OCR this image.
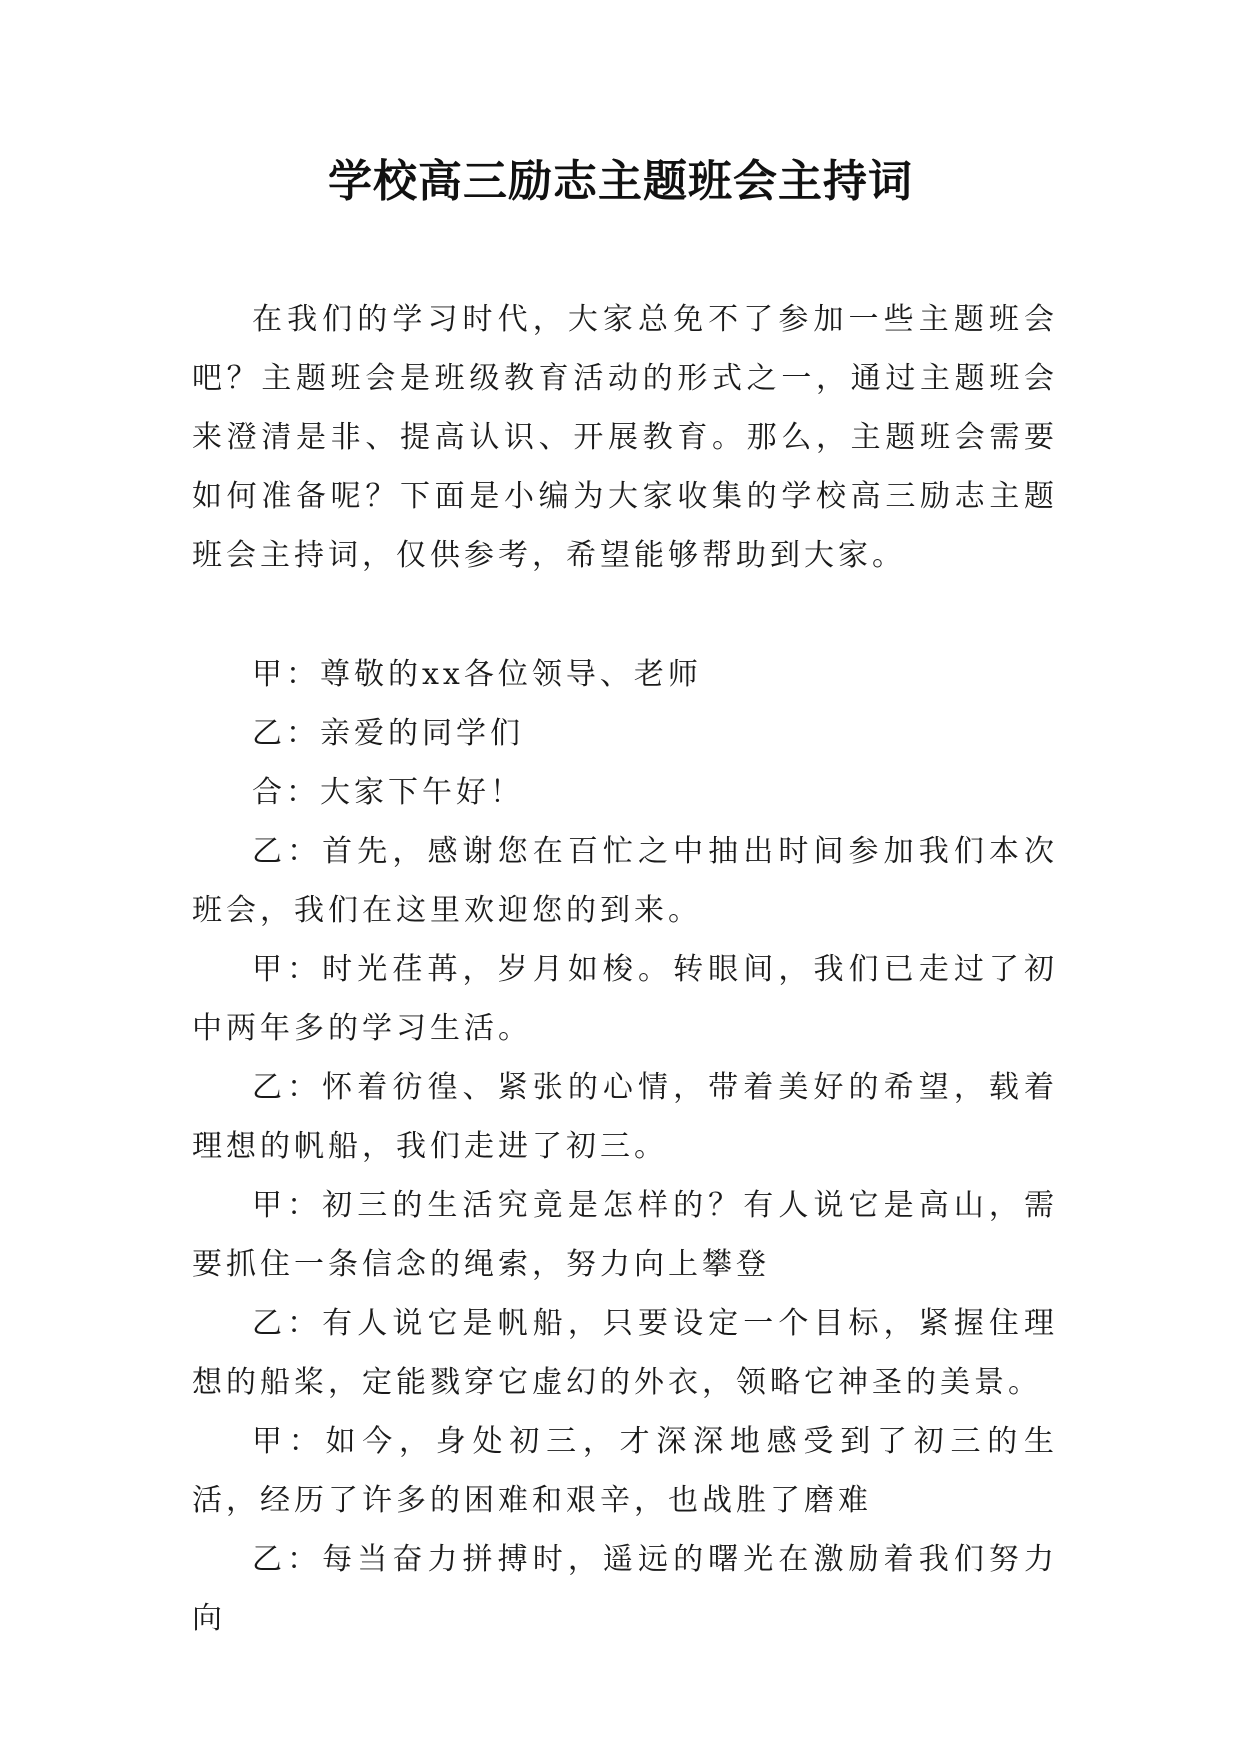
学校高三励志主题班会主持词

在我们的学习时代，大家总免不了参加一些主题班会吧？主题班会是班级教育活动的形式之一，通过主题班会来澄清是非、提高认识、开展教育。那么，主题班会需要如何准备呢？下面是小编为大家收集的学校高三励志主题班会主持词，仅供参考，希望能够帮助到大家。

甲：尊敬的xx各位领导、老师

乙：亲爱的同学们

合：大家下午好！

乙：首先，感谢您在百忙之中抽出时间参加我们本次班会，我们在这里欢迎您的到来。

甲：时光荏苒，岁月如梭。转眼间，我们已走过了初中两年多的学习生活。

乙：怀着彷徨、紧张的心情，带着美好的希望，载着理想的帆船，我们走进了初三。

甲：初三的生活究竟是怎样的？有人说它是高山，需要抓住一条信念的绳索，努力向上攀登

乙：有人说它是帆船，只要设定一个目标，紧握住理想的船桨，定能戮穿它虚幻的外衣，领略它神圣的美景。

甲：如今，身处初三，才深深地感受到了初三的生活，经历了许多的困难和艰辛，也战胜了磨难

乙：每当奋力拼搏时，遥远的曙光在激励着我们努力向
